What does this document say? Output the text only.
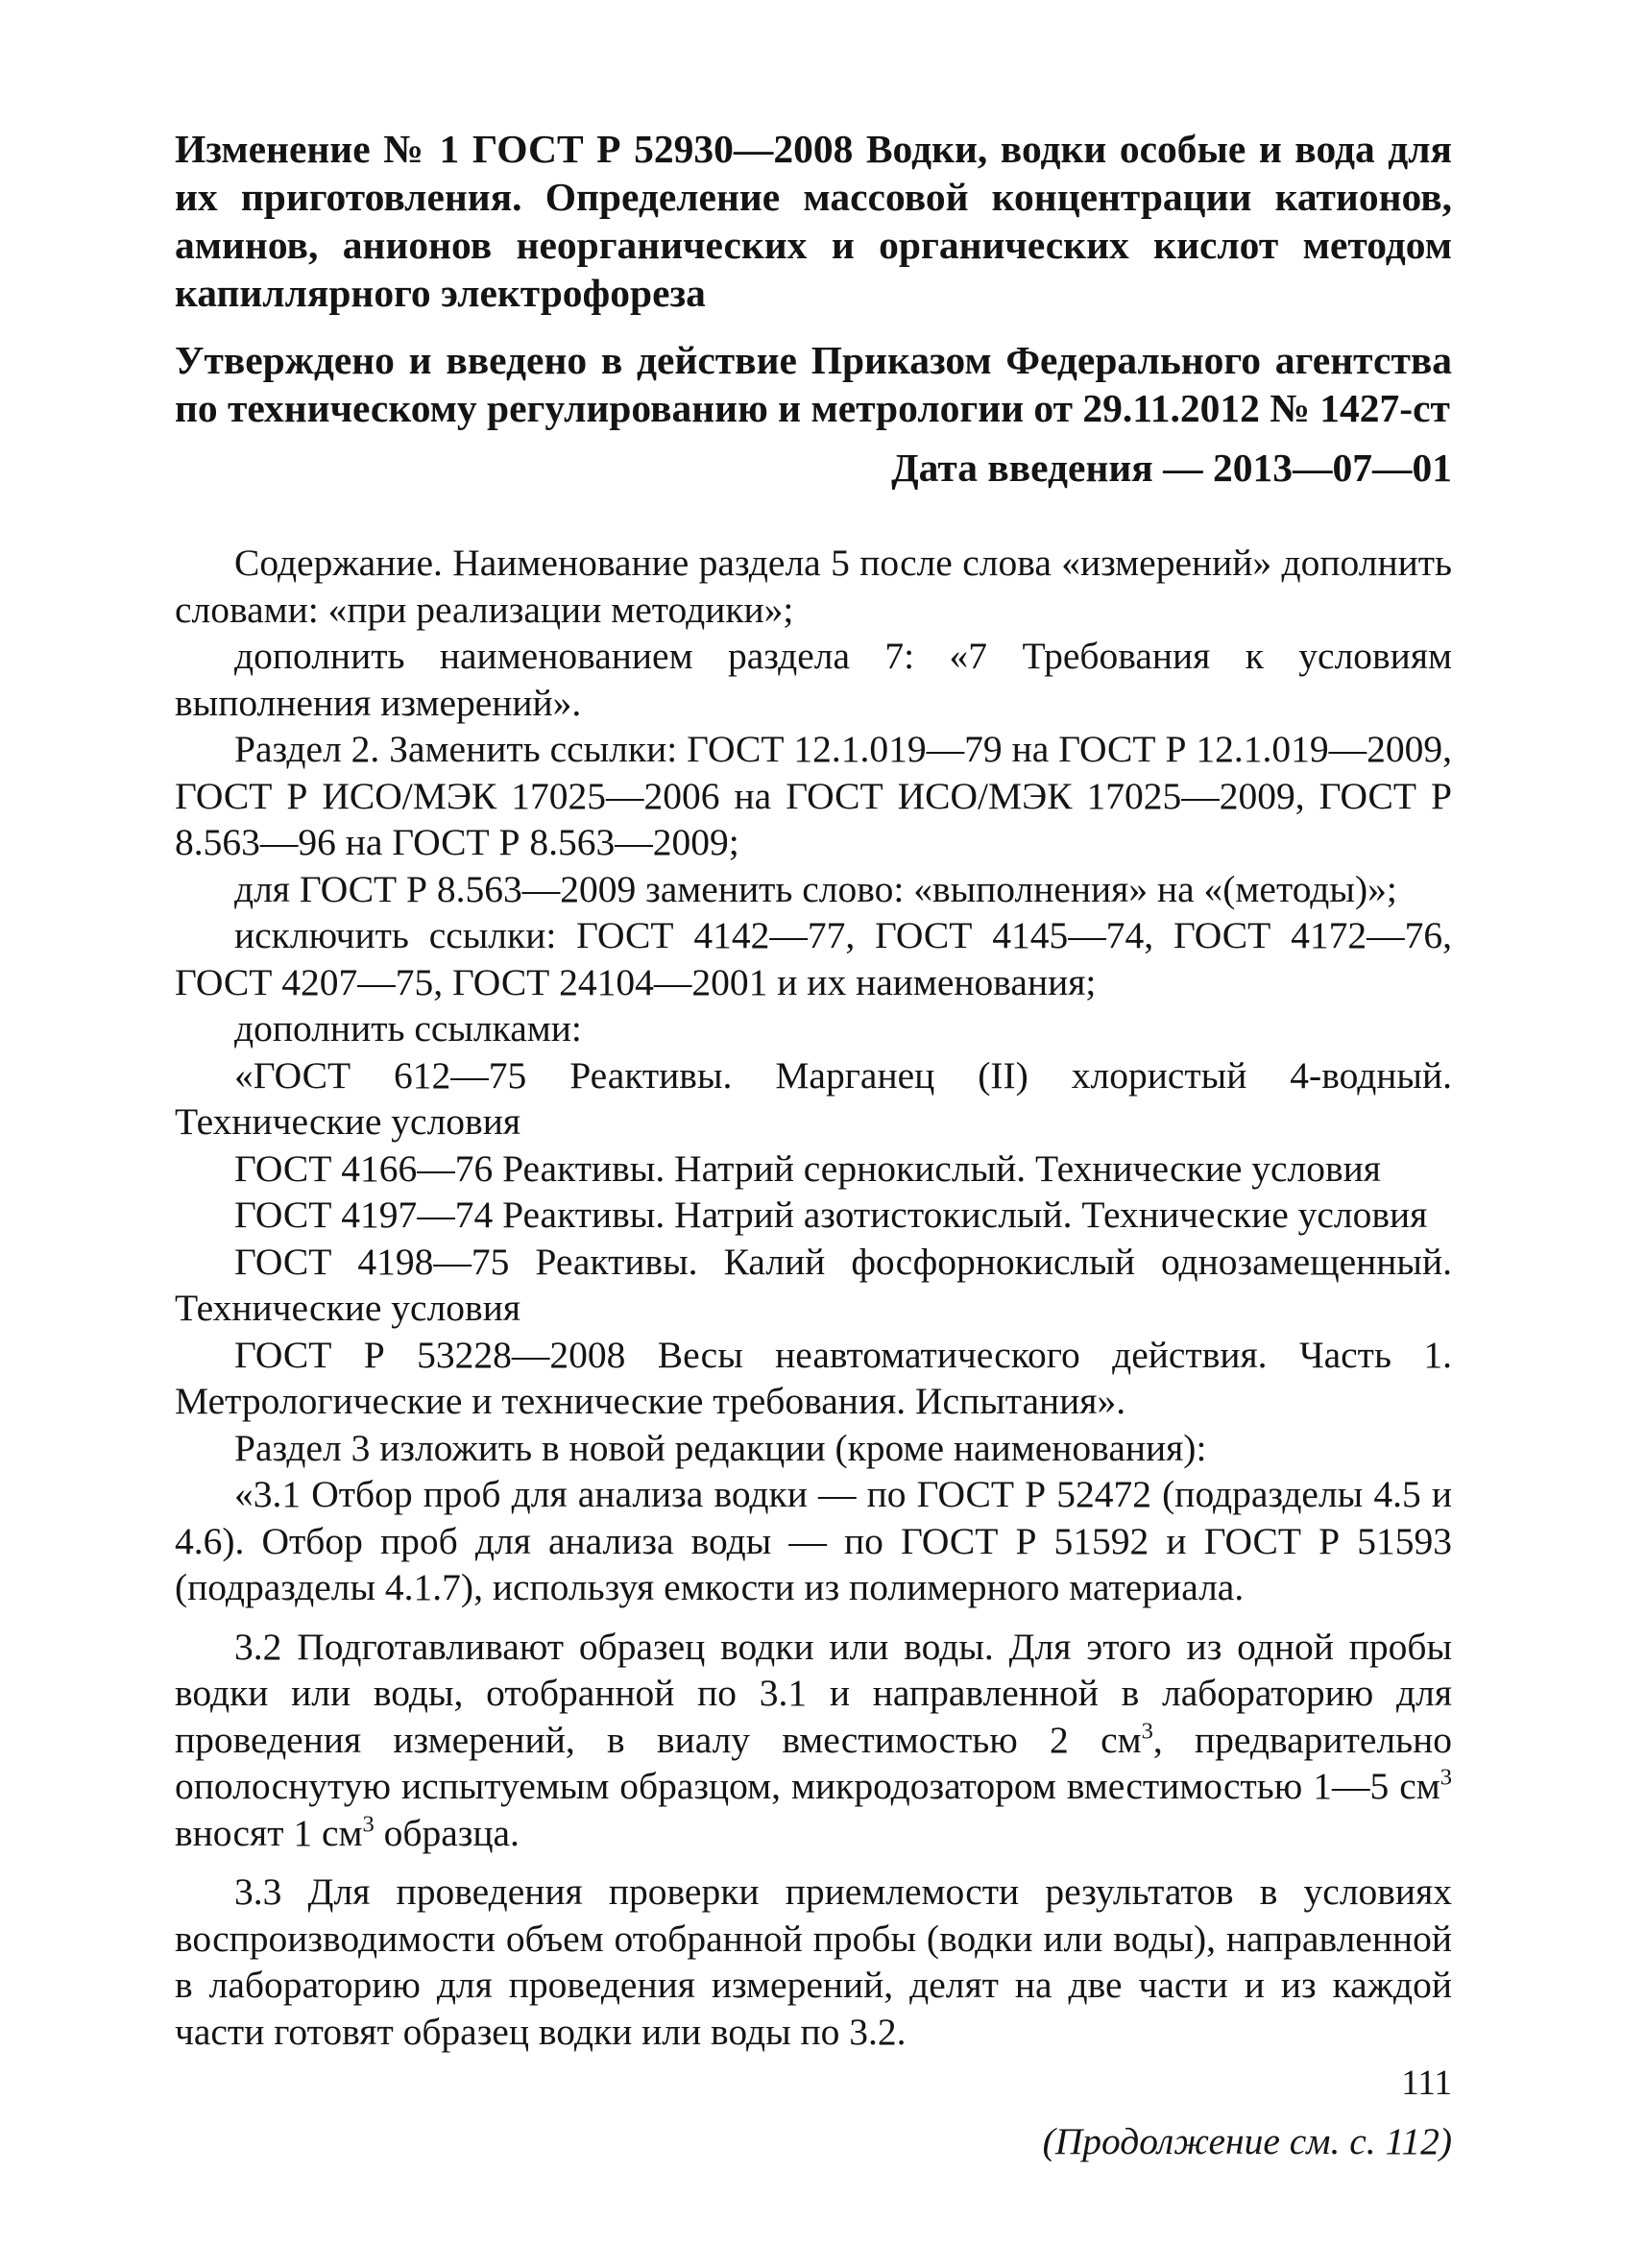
Изменение № 1 ГОСТ Р 52930—2008 Водки, водки особые и вода для их приготовления. Определение массовой концентрации катионов, аминов, анионов неорганических и органических кислот методом капиллярного электрофореза

Утверждено и введено в действие Приказом Федерального агентства по техническому регулированию и метрологии от 29.11.2012 № 1427-ст

Дата введения — 2013—07—01

Содержание. Наименование раздела 5 после слова «измерений» дополнить словами: «при реализации методики»;

дополнить наименованием раздела 7: «7 Требования к условиям выполнения измерений».

Раздел 2. Заменить ссылки: ГОСТ 12.1.019—79 на ГОСТ Р 12.1.019—2009, ГОСТ Р ИСО/МЭК 17025—2006 на ГОСТ ИСО/МЭК 17025—2009, ГОСТ Р 8.563—96 на ГОСТ Р 8.563—2009;

для ГОСТ Р 8.563—2009 заменить слово: «выполнения» на «(методы)»;

исключить ссылки: ГОСТ 4142—77, ГОСТ 4145—74, ГОСТ 4172—76, ГОСТ 4207—75, ГОСТ 24104—2001 и их наименования;

дополнить ссылками:

«ГОСТ 612—75 Реактивы. Марганец (II) хлористый 4-водный. Технические условия

ГОСТ 4166—76 Реактивы. Натрий сернокислый. Технические условия

ГОСТ 4197—74 Реактивы. Натрий азотистокислый. Технические условия

ГОСТ 4198—75 Реактивы. Калий фосфорнокислый однозамещенный. Технические условия

ГОСТ Р 53228—2008 Весы неавтоматического действия. Часть 1. Метрологические и технические требования. Испытания».

Раздел 3 изложить в новой редакции (кроме наименования):

«3.1 Отбор проб для анализа водки — по ГОСТ Р 52472 (подразделы 4.5 и 4.6). Отбор проб для анализа воды — по ГОСТ Р 51592 и ГОСТ Р 51593 (подразделы 4.1.7), используя емкости из полимерного материала.

3.2 Подготавливают образец водки или воды. Для этого из одной пробы водки или воды, отобранной по 3.1 и направленной в лабораторию для проведения измерений, в виалу вместимостью 2 $см^3$, предварительно ополоснутую испытуемым образцом, микродозатором вместимостью 1—5 $см^3$ вносят 1 $см^3$ образца.

3.3 Для проведения проверки приемлемости результатов в условиях воспроизводимости объем отобранной пробы (водки или воды), направленной в лабораторию для проведения измерений, делят на две части и из каждой части готовят образец водки или воды по 3.2.

(Продолжение см. с. 112)
111
